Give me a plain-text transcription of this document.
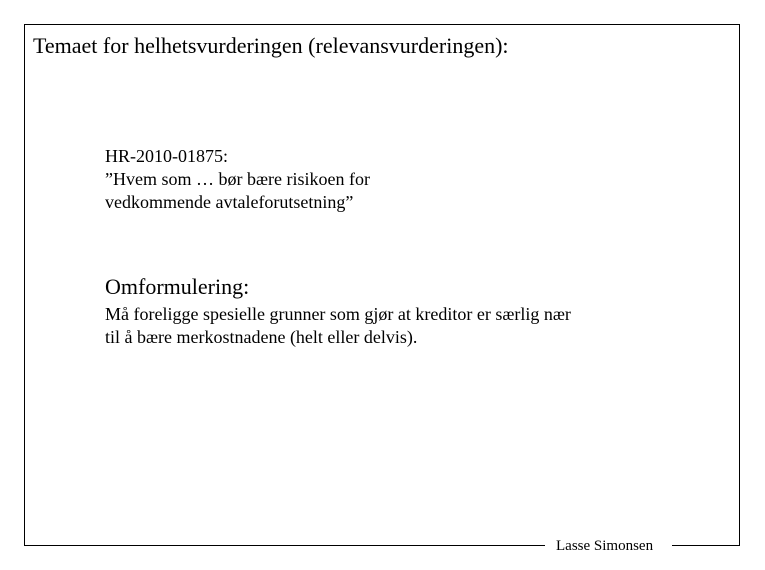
Temaet for helhetsvurderingen (relevansvurderingen):
HR-2010-01875:
”Hvem som … bør bære risikoen for
vedkommende avtaleforutsetning”
Omformulering:
Må foreligge spesielle grunner som gjør at kreditor er særlig nær
til å bære merkostnadene (helt eller delvis).
Lasse Simonsen
